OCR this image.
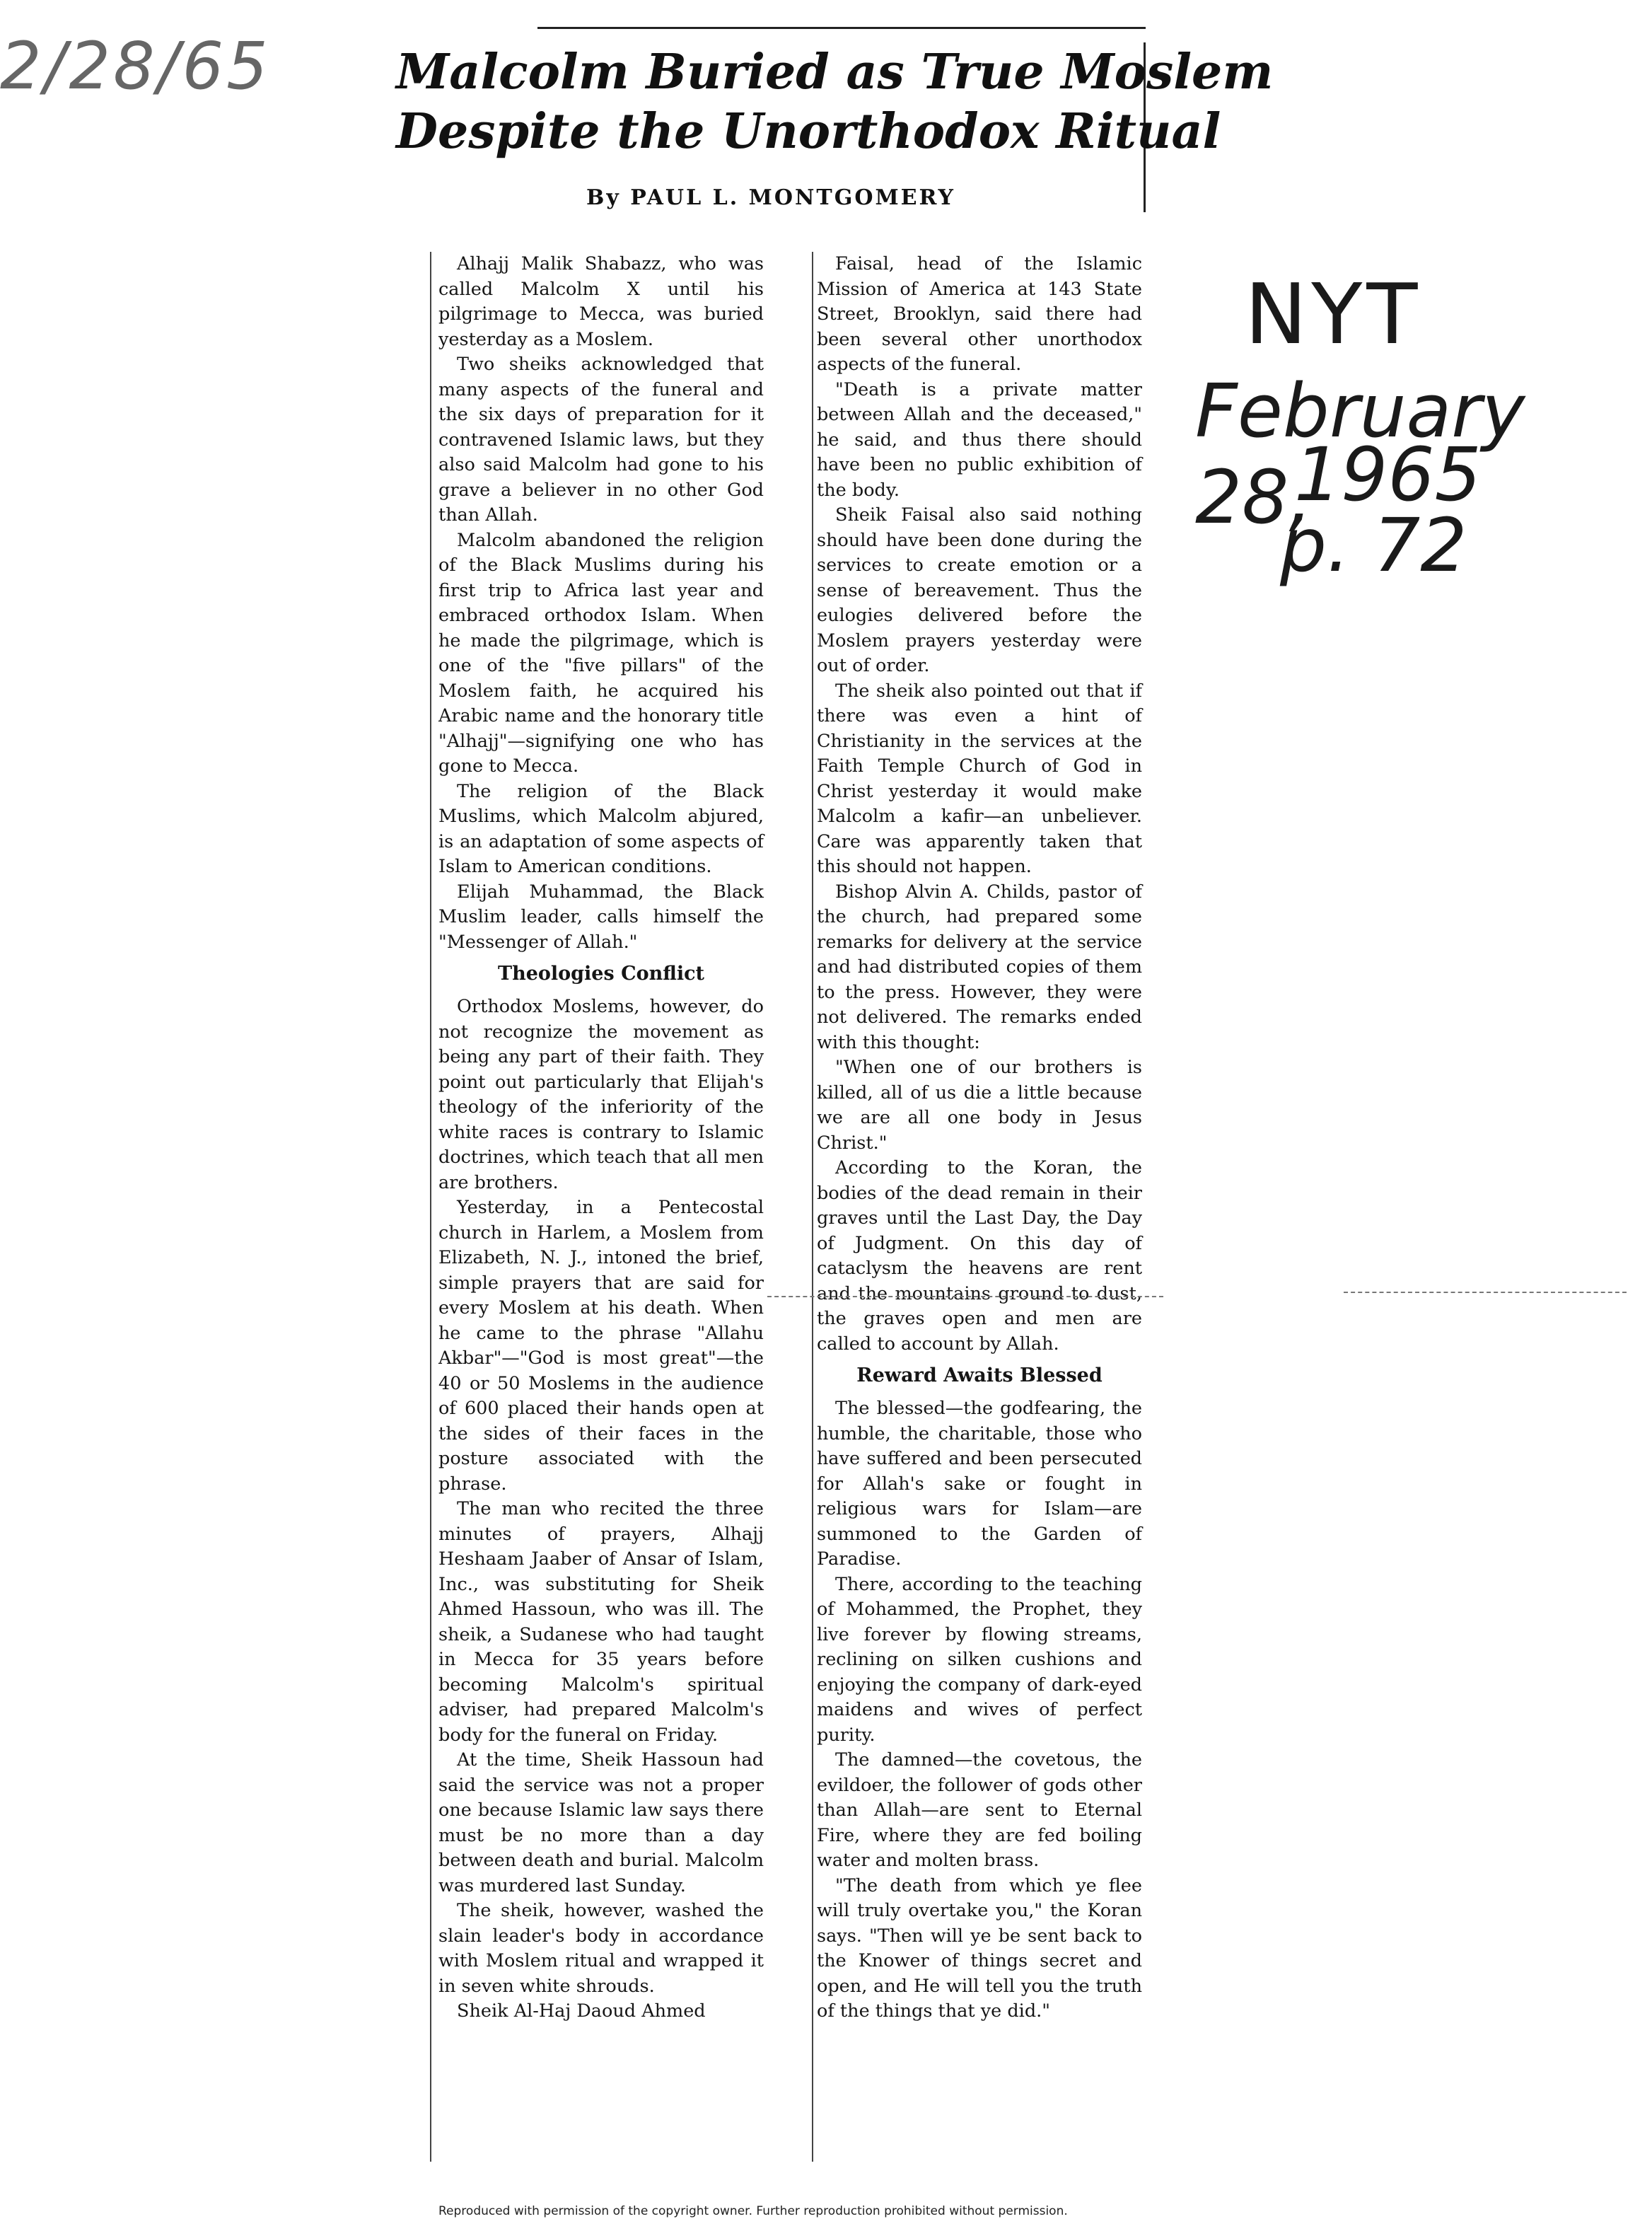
2/28/65
NYT
February 28,
1965
p. 72
Malcolm Buried as True Moslem
Despite the Unorthodox Ritual
By PAUL L. MONTGOMERY

Alhajj Malik Shabazz, who was called Malcolm X until his pilgrimage to Mecca, was buried yesterday as a Moslem.

Two sheiks acknowledged that many aspects of the funeral and the six days of preparation for it contravened Islamic laws, but they also said Malcolm had gone to his grave a believer in no other God than Allah.

Malcolm abandoned the religion of the Black Muslims during his first trip to Africa last year and embraced orthodox Islam. When he made the pilgrimage, which is one of the "five pillars" of the Moslem faith, he acquired his Arabic name and the honorary title "Alhajj"—signifying one who has gone to Mecca.

The religion of the Black Muslims, which Malcolm abjured, is an adaptation of some aspects of Islam to American conditions.

Elijah Muhammad, the Black Muslim leader, calls himself the "Messenger of Allah."

Theologies Conflict

Orthodox Moslems, however, do not recognize the movement as being any part of their faith. They point out particularly that Elijah's theology of the inferiority of the white races is contrary to Islamic doctrines, which teach that all men are brothers.

Yesterday, in a Pentecostal church in Harlem, a Moslem from Elizabeth, N. J., intoned the brief, simple prayers that are said for every Moslem at his death. When he came to the phrase "Allahu Akbar"—"God is most great"—the 40 or 50 Moslems in the audience of 600 placed their hands open at the sides of their faces in the posture associated with the phrase.

The man who recited the three minutes of prayers, Alhajj Heshaam Jaaber of Ansar of Islam, Inc., was substituting for Sheik Ahmed Hassoun, who was ill. The sheik, a Sudanese who had taught in Mecca for 35 years before becoming Malcolm's spiritual adviser, had prepared Malcolm's body for the funeral on Friday.

At the time, Sheik Hassoun had said the service was not a proper one because Islamic law says there must be no more than a day between death and burial. Malcolm was murdered last Sunday.

The sheik, however, washed the slain leader's body in accordance with Moslem ritual and wrapped it in seven white shrouds.

Sheik Al-Haj Daoud Ahmed

Faisal, head of the Islamic Mission of America at 143 State Street, Brooklyn, said there had been several other unorthodox aspects of the funeral.

"Death is a private matter between Allah and the deceased," he said, and thus there should have been no public exhibition of the body.

Sheik Faisal also said nothing should have been done during the services to create emotion or a sense of bereavement. Thus the eulogies delivered before the Moslem prayers yesterday were out of order.

The sheik also pointed out that if there was even a hint of Christianity in the services at the Faith Temple Church of God in Christ yesterday it would make Malcolm a kafir—an unbeliever. Care was apparently taken that this should not happen.

Bishop Alvin A. Childs, pastor of the church, had prepared some remarks for delivery at the service and had distributed copies of them to the press. However, they were not delivered. The remarks ended with this thought:

"When one of our brothers is killed, all of us die a little because we are all one body in Jesus Christ."

According to the Koran, the bodies of the dead remain in their graves until the Last Day, the Day of Judgment. On this day of cataclysm the heavens are rent and the mountains ground to dust, the graves open and men are called to account by Allah.

Reward Awaits Blessed

The blessed—the godfearing, the humble, the charitable, those who have suffered and been persecuted for Allah's sake or fought in religious wars for Islam—are summoned to the Garden of Paradise.

There, according to the teaching of Mohammed, the Prophet, they live forever by flowing streams, reclining on silken cushions and enjoying the company of dark-eyed maidens and wives of perfect purity.

The damned—the covetous, the evildoer, the follower of gods other than Allah—are sent to Eternal Fire, where they are fed boiling water and molten brass.

"The death from which ye flee will truly overtake you," the Koran says. "Then will ye be sent back to the Knower of things secret and open, and He will tell you the truth of the things that ye did."

Reproduced with permission of the copyright owner. Further reproduction prohibited without permission.
